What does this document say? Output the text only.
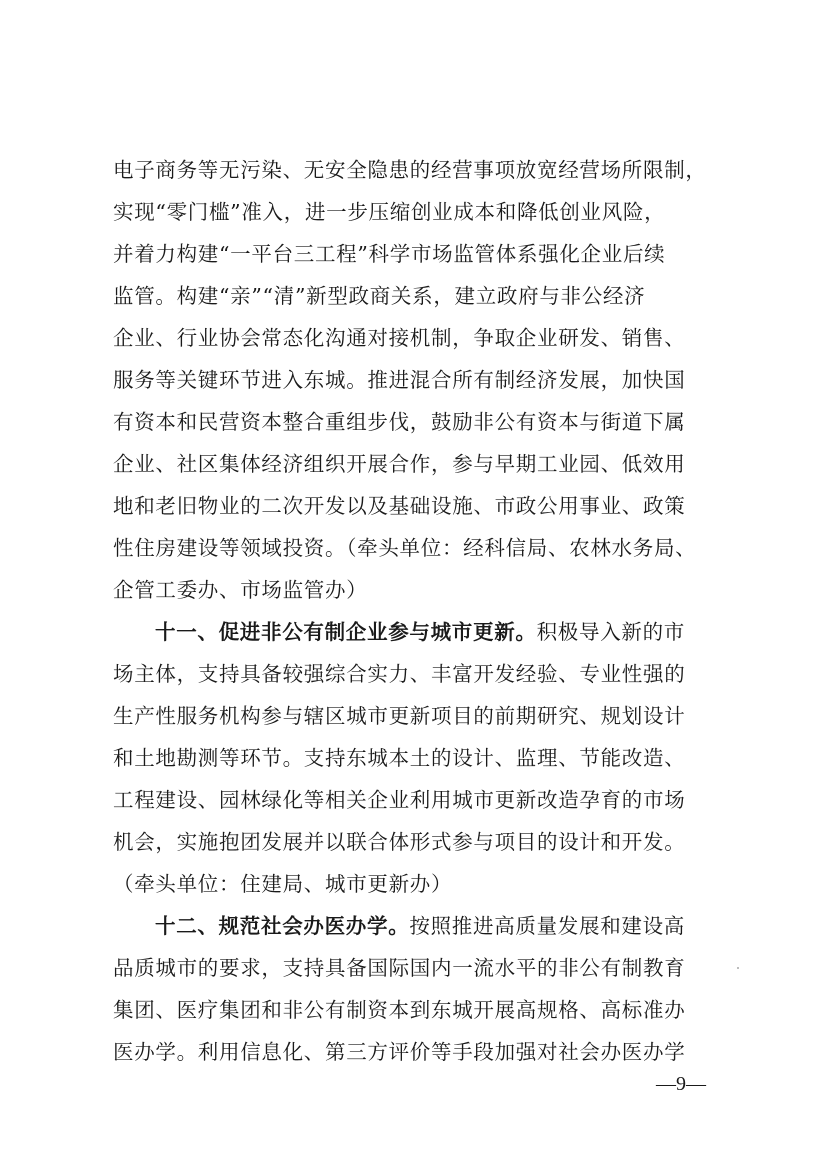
电子商务等无污染、无安全隐患的经营事项放宽经营场所限制，
实现“零门槛”准入，进一步压缩创业成本和降低创业风险，
并着力构建“一平台三工程”科学市场监管体系强化企业后续
监管。构建“亲”“清”新型政商关系，建立政府与非公经济
企业、行业协会常态化沟通对接机制，争取企业研发、销售、
服务等关键环节进入东城。推进混合所有制经济发展，加快国
有资本和民营资本整合重组步伐，鼓励非公有资本与街道下属
企业、社区集体经济组织开展合作，参与早期工业园、低效用
地和老旧物业的二次开发以及基础设施、市政公用事业、政策
性住房建设等领域投资。（牵头单位：经科信局、农林水务局、
企管工委办、市场监管办）
十一、促进非公有制企业参与城市更新。积极导入新的市
场主体，支持具备较强综合实力、丰富开发经验、专业性强的
生产性服务机构参与辖区城市更新项目的前期研究、规划设计
和土地勘测等环节。支持东城本土的设计、监理、节能改造、
工程建设、园林绿化等相关企业利用城市更新改造孕育的市场
机会，实施抱团发展并以联合体形式参与项目的设计和开发。
（牵头单位：住建局、城市更新办）
十二、规范社会办医办学。按照推进高质量发展和建设高
品质城市的要求，支持具备国际国内一流水平的非公有制教育
集团、医疗集团和非公有制资本到东城开展高规格、高标准办
医办学。利用信息化、第三方评价等手段加强对社会办医办学
—9—
